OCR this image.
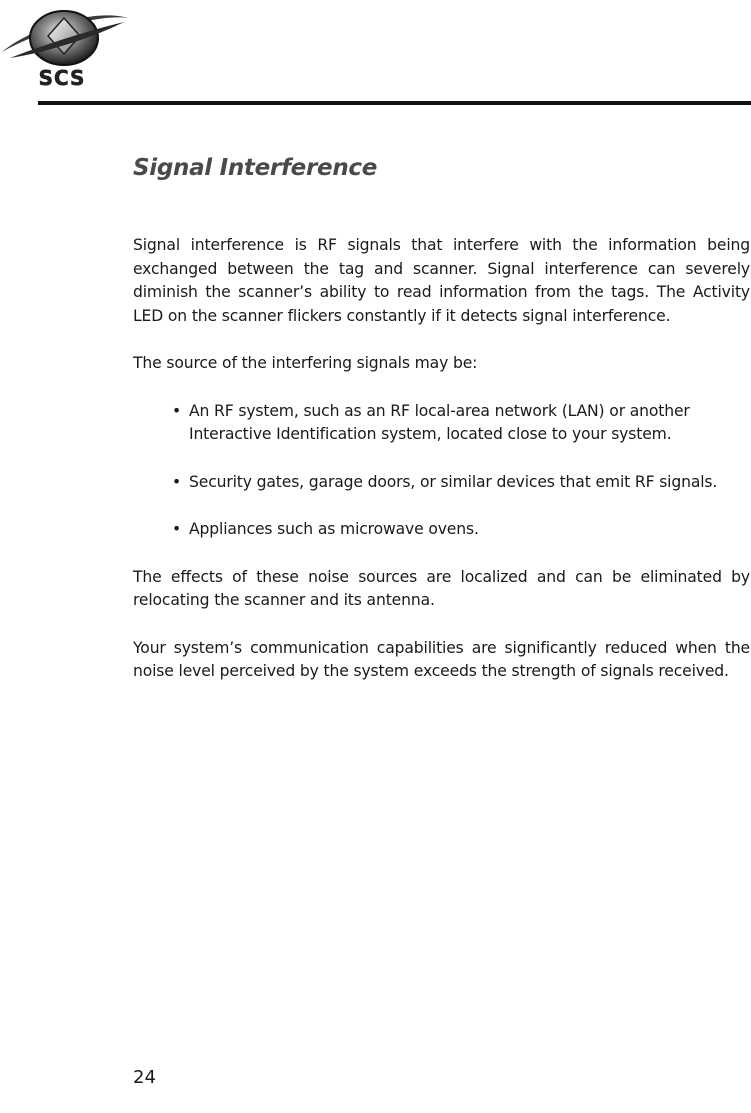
SCS
Signal Interference

Signal interference is RF signals that interfere with the information being exchanged between the tag and scanner. Signal interference can severely diminish the scanner’s ability to read information from the tags. The Activity LED on the scanner flickers constantly if it detects signal interference.

The source of the interfering signals may be:

• An RF system, such as an RF local-area network (LAN) or another Interactive Identification system, located close to your system.
• Security gates, garage doors, or similar devices that emit RF signals.
• Appliances such as microwave ovens.

The effects of these noise sources are localized and can be eliminated by relocating the scanner and its antenna.

Your system’s communication capabilities are significantly reduced when the noise level perceived by the system exceeds the strength of signals received.

24
